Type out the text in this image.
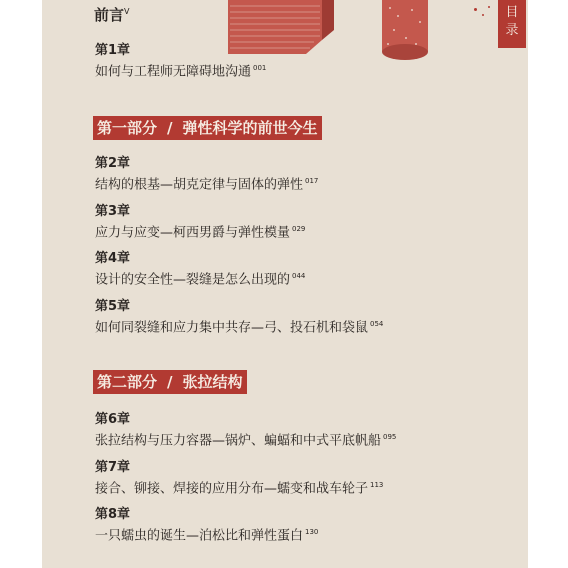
目
录
前言$^V$
第1章
如何与工程师无障碍地沟通 $^{001}$
第一部分 / 弹性科学的前世今生
第2章
结构的根基—胡克定律与固体的弹性 $^{017}$
第3章
应力与应变—柯西男爵与弹性模量 $^{029}$
第4章
设计的安全性—裂缝是怎么出现的 $^{044}$
第5章
如何同裂缝和应力集中共存—弓、投石机和袋鼠 $^{054}$
第二部分 / 张拉结构
第6章
张拉结构与压力容器—锅炉、蝙蝠和中式平底帆船 $^{095}$
第7章
接合、铆接、焊接的应用分布—蠕变和战车轮子 $^{113}$
第8章
一只蠕虫的诞生—泊松比和弹性蛋白 $^{130}$
